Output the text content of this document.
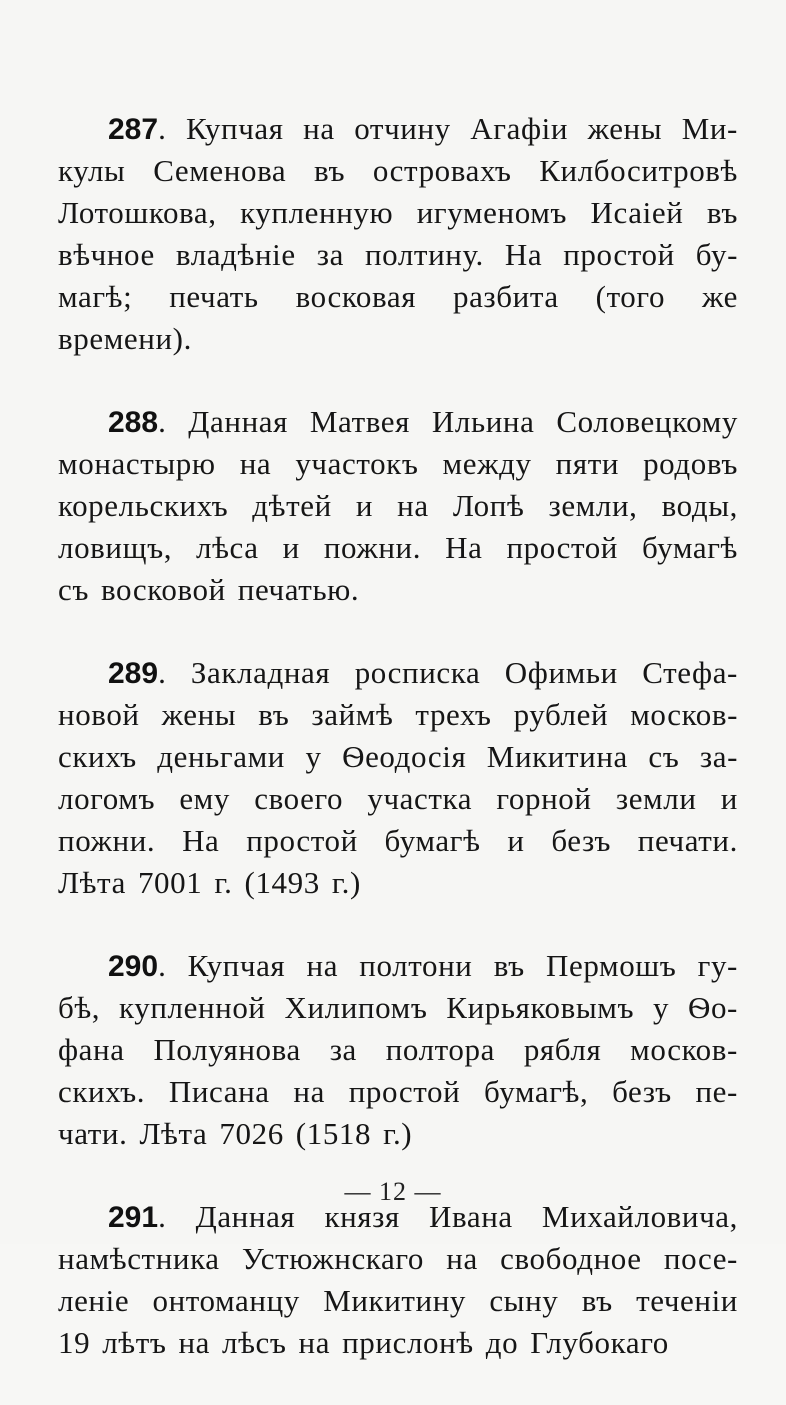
287. Купчая на отчину Агафіи жены Ми-
кулы Семенова въ островахъ Килбоситровѣ
Лотошкова, купленную игуменомъ Исаіей въ
вѣчное владѣніе за полтину. На простой бу-
магѣ; печать восковая разбита (того же
времени).
288. Данная Матвея Ильина Соловецкому
монастырю на участокъ между пяти родовъ
корельскихъ дѣтей и на Лопѣ земли, воды,
ловищъ, лѣса и пожни. На простой бумагѣ
съ восковой печатью.
289. Закладная роспиcка Офимьи Стефа-
новой жены въ займѣ трехъ рублей москов-
скихъ деньгами у Ѳеодосія Микитина съ за-
логомъ ему своего участка горной земли и
пожни. На простой бумагѣ и безъ печати.
Лѣта 7001 г. (1493 г.)
290. Купчая на полтони въ Пермошъ гу-
бѣ, купленной Хилипомъ Кирьяковымъ у Ѳо-
фана Полуянова за полтора рябля москов-
скихъ. Писана на простой бумагѣ, безъ пе-
чати. Лѣта 7026 (1518 г.)
291. Данная князя Ивана Михайловича,
намѣстника Устюжнскаго на свободное посе-
леніе онтоманцу Микитину сыну въ теченіи
19 лѣтъ на лѣсъ на прислонѣ до Глубокаго
— 12 —
